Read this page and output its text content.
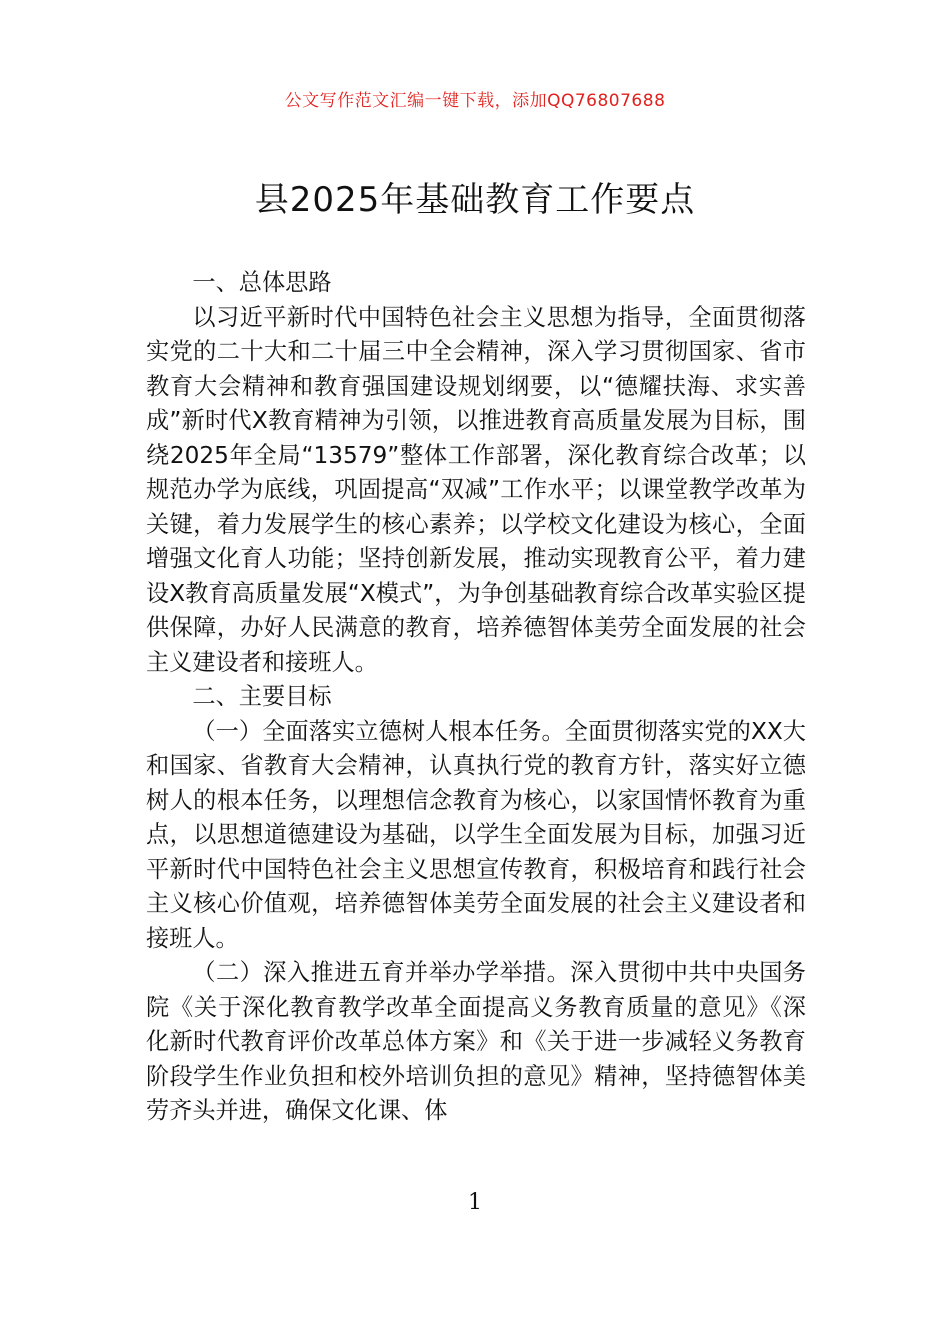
公文写作范文汇编一键下载，添加QQ76807688
县2025年基础教育工作要点

一、总体思路

以习近平新时代中国特色社会主义思想为指导，全面贯彻落实党的二十大和二十届三中全会精神，深入学习贯彻国家、省市教育大会精神和教育强国建设规划纲要，以“德耀扶海、求实善成”新时代X教育精神为引领，以推进教育高质量发展为目标，围绕2025年全局“13579”整体工作部署，深化教育综合改革；以规范办学为底线，巩固提高“双减”工作水平；以课堂教学改革为关键，着力发展学生的核心素养；以学校文化建设为核心，全面增强文化育人功能；坚持创新发展，推动实现教育公平，着力建设X教育高质量发展“X模式”，为争创基础教育综合改革实验区提供保障，办好人民满意的教育，培养德智体美劳全面发展的社会主义建设者和接班人。

二、主要目标

（一）全面落实立德树人根本任务。全面贯彻落实党的XX大和国家、省教育大会精神，认真执行党的教育方针，落实好立德树人的根本任务，以理想信念教育为核心，以家国情怀教育为重点，以思想道德建设为基础，以学生全面发展为目标，加强习近平新时代中国特色社会主义思想宣传教育，积极培育和践行社会主义核心价值观，培养德智体美劳全面发展的社会主义建设者和接班人。

（二）深入推进五育并举办学举措。深入贯彻中共中央国务院《关于深化教育教学改革全面提高义务教育质量的意见》《深化新时代教育评价改革总体方案》和《关于进一步减轻义务教育阶段学生作业负担和校外培训负担的意见》精神，坚持德智体美劳齐头并进，确保文化课、体

1
